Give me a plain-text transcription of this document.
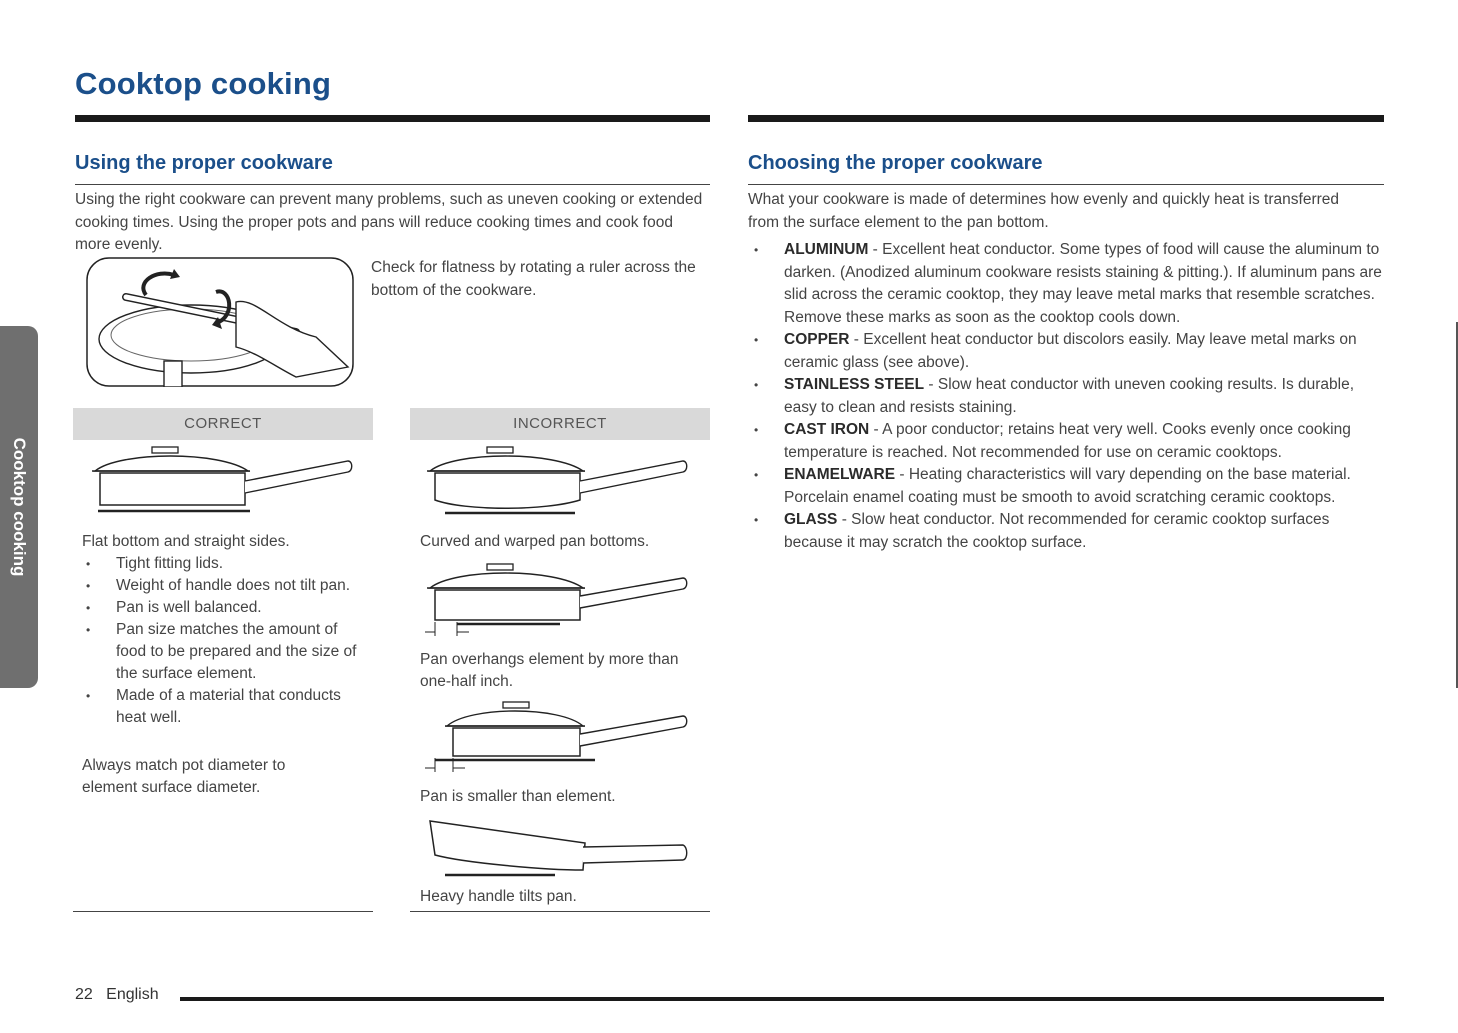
Cooktop cooking
Cooktop cooking
Using the proper cookware
Using the right cookware can prevent many problems, such as uneven cooking or extended cooking times. Using the proper pots and pans will reduce cooking times and cook food more evenly.
Check for flatness by rotating a ruler across the bottom of the cookware.
CORRECT
Flat bottom and straight sides.
• Tight fitting lids.
• Weight of handle does not tilt pan.
• Pan is well balanced.
• Pan size matches the amount of food to be prepared and the size of the surface element.
• Made of a material that conducts heat well.
Always match pot diameter to element surface diameter.
INCORRECT
Curved and warped pan bottoms.
Pan overhangs element by more than one-half inch.
Pan is smaller than element.
Heavy handle tilts pan.
Choosing the proper cookware
What your cookware is made of determines how evenly and quickly heat is transferred from the surface element to the pan bottom.
• ALUMINUM - Excellent heat conductor. Some types of food will cause the aluminum to darken. (Anodized aluminum cookware resists staining & pitting.). If aluminum pans are slid across the ceramic cooktop, they may leave metal marks that resemble scratches. Remove these marks as soon as the cooktop cools down.
• COPPER - Excellent heat conductor but discolors easily. May leave metal marks on ceramic glass (see above).
• STAINLESS STEEL - Slow heat conductor with uneven cooking results. Is durable, easy to clean and resists staining.
• CAST IRON - A poor conductor; retains heat very well. Cooks evenly once cooking temperature is reached. Not recommended for use on ceramic cooktops.
• ENAMELWARE - Heating characteristics will vary depending on the base material. Porcelain enamel coating must be smooth to avoid scratching ceramic cooktops.
• GLASS - Slow heat conductor. Not recommended for ceramic cooktop surfaces because it may scratch the cooktop surface.
22 English
